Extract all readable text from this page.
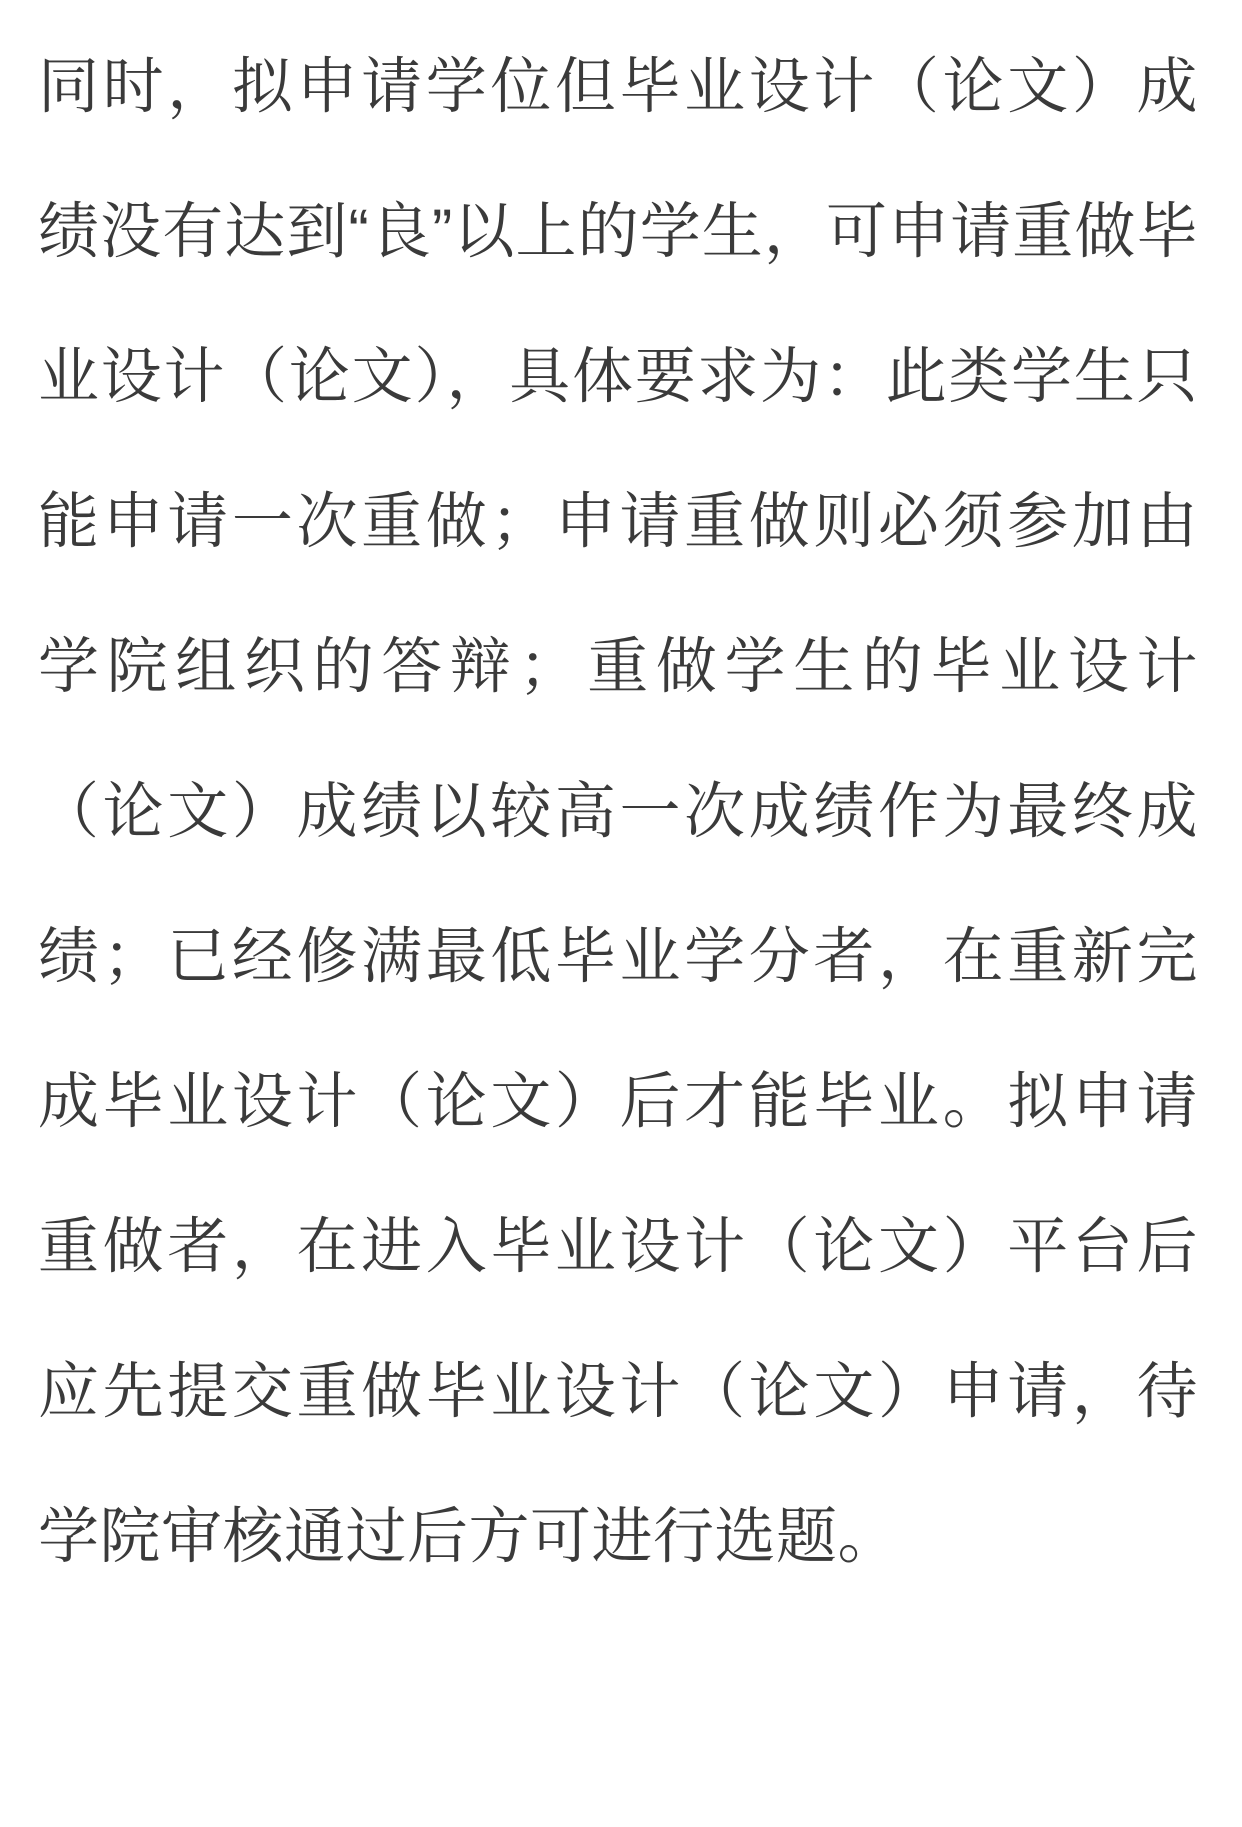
同时，拟申请学位但毕业设计（论文）成绩没有达到“良”以上的学生，可申请重做毕业设计（论文），具体要求为：此类学生只能申请一次重做；申请重做则必须参加由学院组织的答辩；重做学生的毕业设计（论文）成绩以较高一次成绩作为最终成绩；已经修满最低毕业学分者，在重新完成毕业设计（论文）后才能毕业。拟申请重做者，在进入毕业设计（论文）平台后应先提交重做毕业设计（论文）申请，待学院审核通过后方可进行选题。
